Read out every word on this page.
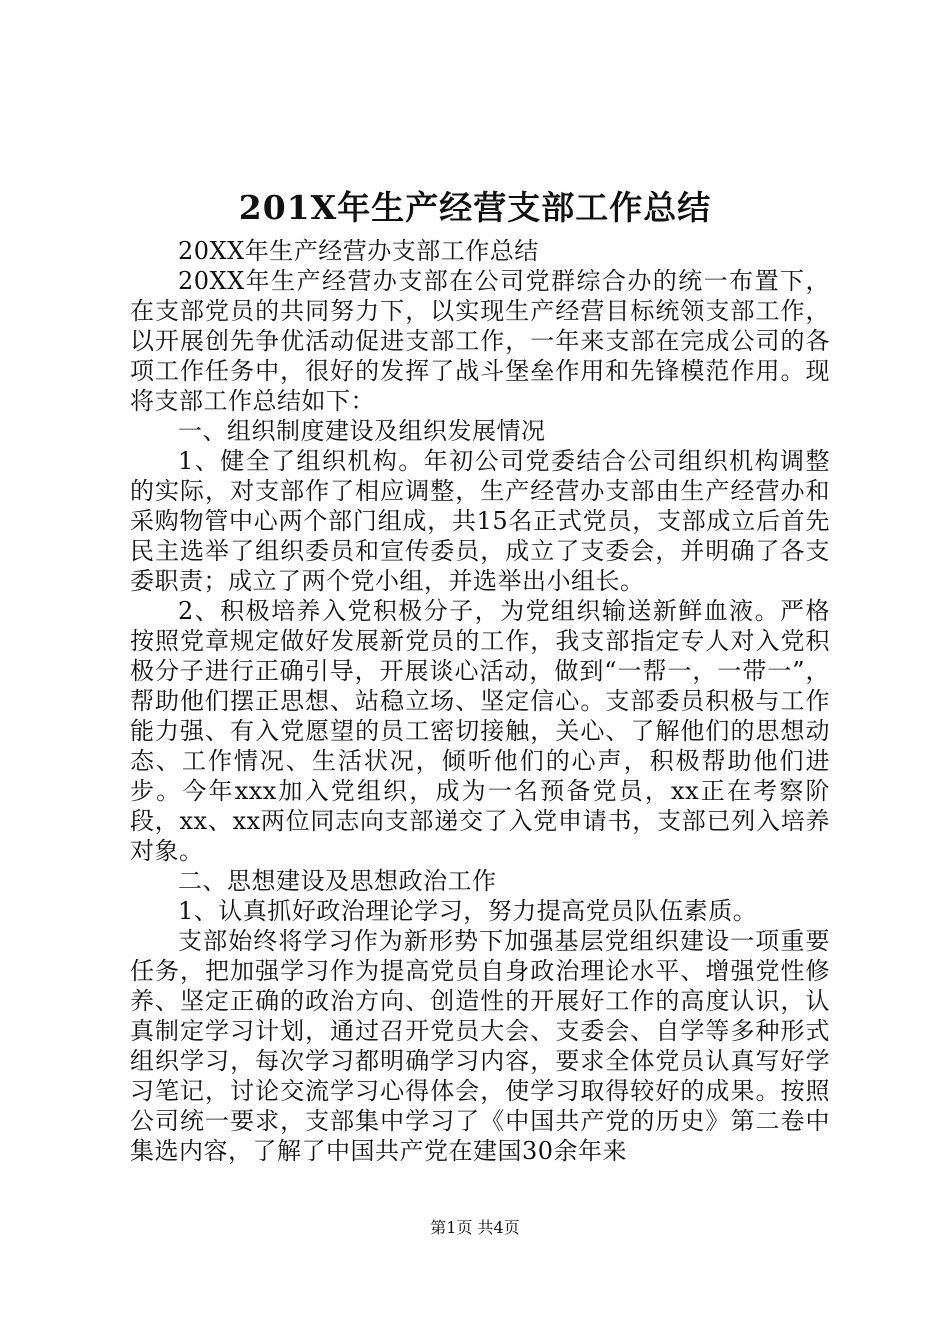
201X年生产经营支部工作总结

20XX年生产经营办支部工作总结

20XX年生产经营办支部在公司党群综合办的统一布置下，在支部党员的共同努力下，以实现生产经营目标统领支部工作，以开展创先争优活动促进支部工作，一年来支部在完成公司的各项工作任务中，很好的发挥了战斗堡垒作用和先锋模范作用。现将支部工作总结如下：

一、组织制度建设及组织发展情况

1、健全了组织机构。年初公司党委结合公司组织机构调整的实际，对支部作了相应调整，生产经营办支部由生产经营办和采购物管中心两个部门组成，共15名正式党员，支部成立后首先民主选举了组织委员和宣传委员，成立了支委会，并明确了各支委职责；成立了两个党小组，并选举出小组长。

2、积极培养入党积极分子，为党组织输送新鲜血液。严格按照党章规定做好发展新党员的工作，我支部指定专人对入党积极分子进行正确引导，开展谈心活动，做到“一帮一，一带一”，帮助他们摆正思想、站稳立场、坚定信心。支部委员积极与工作能力强、有入党愿望的员工密切接触，关心、了解他们的思想动态、工作情况、生活状况，倾听他们的心声，积极帮助他们进步。今年xxx加入党组织，成为一名预备党员，xx正在考察阶段，xx、xx两位同志向支部递交了入党申请书，支部已列入培养对象。

二、思想建设及思想政治工作

1、认真抓好政治理论学习，努力提高党员队伍素质。

支部始终将学习作为新形势下加强基层党组织建设一项重要任务，把加强学习作为提高党员自身政治理论水平、增强党性修养、坚定正确的政治方向、创造性的开展好工作的高度认识，认真制定学习计划，通过召开党员大会、支委会、自学等多种形式组织学习，每次学习都明确学习内容，要求全体党员认真写好学习笔记，讨论交流学习心得体会，使学习取得较好的成果。按照公司统一要求，支部集中学习了《中国共产党的历史》第二卷中集选内容，了解了中国共产党在建国30余年来

第1页 共4页
